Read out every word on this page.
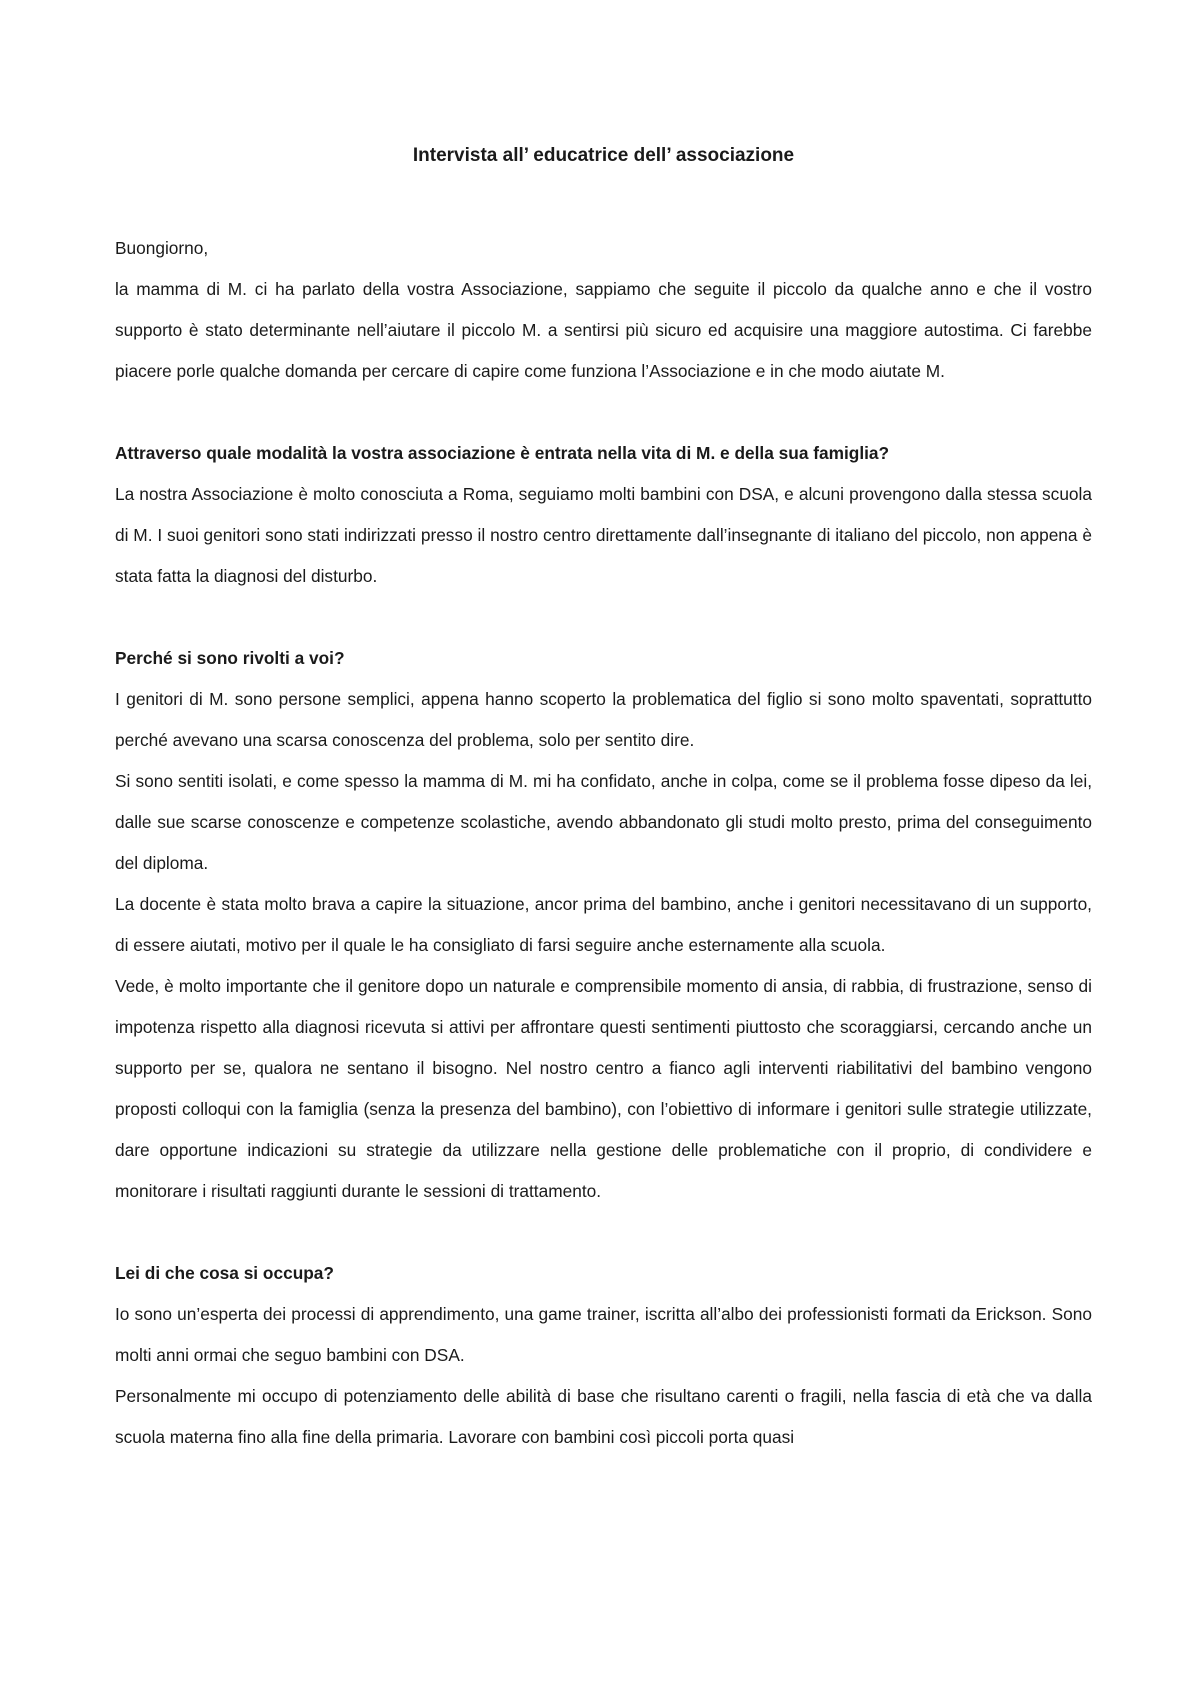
Intervista all’ educatrice dell’ associazione

Buongiorno,

la mamma di M. ci ha parlato della vostra Associazione, sappiamo che seguite il piccolo da qualche anno e che il vostro supporto è stato determinante nell’aiutare il piccolo M. a sentirsi più sicuro ed acquisire una maggiore autostima. Ci farebbe piacere porle qualche domanda per cercare di capire come funziona l’Associazione e in che modo aiutate M.

Attraverso quale modalità la vostra associazione è entrata nella vita di M. e della sua famiglia?

La nostra Associazione è molto conosciuta a Roma, seguiamo molti bambini con DSA, e alcuni provengono dalla stessa scuola di M. I suoi genitori sono stati indirizzati presso il nostro centro direttamente dall’insegnante di italiano del piccolo, non appena è stata fatta la diagnosi del disturbo.

Perché si sono rivolti a voi?

I genitori di M. sono persone semplici, appena hanno scoperto la problematica del figlio si sono molto spaventati, soprattutto perché avevano una scarsa conoscenza del problema, solo per sentito dire.

Si sono sentiti isolati, e come spesso la mamma di M. mi ha confidato, anche in colpa, come se il problema fosse dipeso da lei, dalle sue scarse conoscenze e competenze scolastiche, avendo abbandonato gli studi molto presto, prima del conseguimento del diploma.

La docente è stata molto brava a capire la situazione, ancor prima del bambino, anche i genitori necessitavano di un supporto, di essere aiutati, motivo per il quale le ha consigliato di farsi seguire anche esternamente alla scuola.

Vede, è molto importante che il genitore dopo un naturale e comprensibile momento di ansia, di rabbia, di frustrazione, senso di impotenza rispetto alla diagnosi ricevuta si attivi per affrontare questi sentimenti piuttosto che scoraggiarsi, cercando anche un supporto per se, qualora ne sentano il bisogno. Nel nostro centro a fianco agli interventi riabilitativi del bambino vengono proposti colloqui con la famiglia (senza la presenza del bambino), con l’obiettivo di informare i genitori sulle strategie utilizzate, dare opportune indicazioni su strategie da utilizzare nella gestione delle problematiche con il proprio, di condividere e monitorare i risultati raggiunti durante le sessioni di trattamento.

Lei di che cosa si occupa?

Io sono un’esperta dei processi di apprendimento, una game trainer, iscritta all’albo dei professionisti formati da Erickson. Sono molti anni ormai che seguo bambini con DSA.

Personalmente mi occupo di potenziamento delle abilità di base che risultano carenti o fragili, nella fascia di età che va dalla scuola materna fino alla fine della primaria. Lavorare con bambini così piccoli porta quasi
